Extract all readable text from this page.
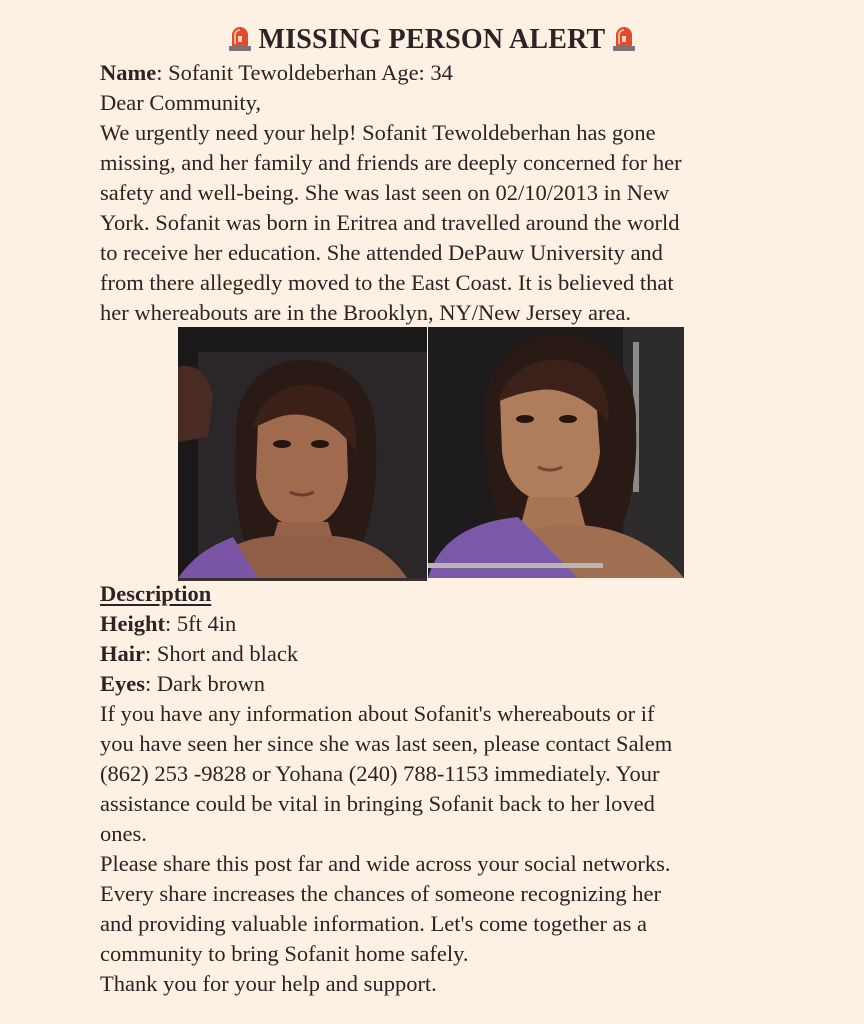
MISSING PERSON ALERT
Name: Sofanit Tewoldeberhan Age: 34
Dear Community,
We urgently need your help! Sofanit Tewoldeberhan has gone
missing, and her family and friends are deeply concerned for her
safety and well-being. She was last seen on 02/10/2013 in New
York. Sofanit was born in Eritrea and travelled around the world
to receive her education. She attended DePauw University and
from there allegedly moved to the East Coast. It is believed that
her whereabouts are in the Brooklyn, NY/New Jersey area.
Description
Height: 5ft 4in
Hair: Short and black
Eyes: Dark brown
If you have any information about Sofanit's whereabouts or if
you have seen her since she was last seen, please contact Salem
(862) 253 -9828 or Yohana (240) 788-1153 immediately. Your
assistance could be vital in bringing Sofanit back to her loved
ones.
Please share this post far and wide across your social networks.
Every share increases the chances of someone recognizing her
and providing valuable information. Let's come together as a
community to bring Sofanit home safely.
Thank you for your help and support.
